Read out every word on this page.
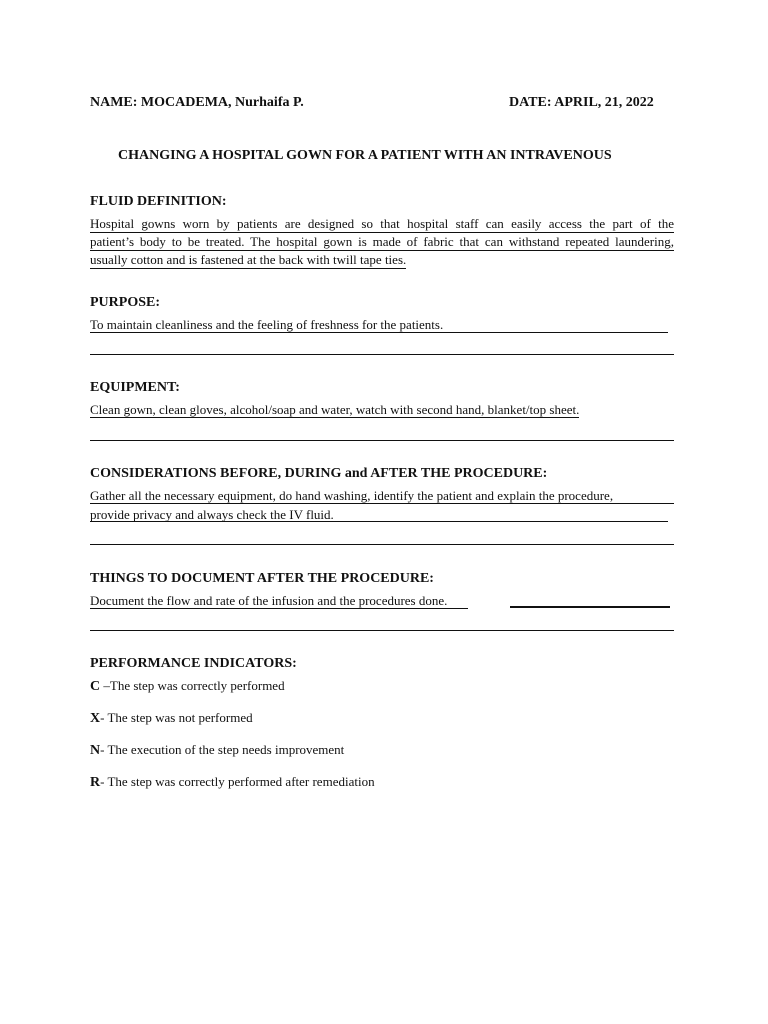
NAME: MOCADEMA, Nurhaifa P.	DATE: APRIL, 21, 2022
CHANGING A HOSPITAL GOWN FOR A PATIENT WITH AN INTRAVENOUS
FLUID DEFINITION:
Hospital gowns worn by patients are designed so that hospital staff can easily access the part of the
patient’s body to be treated. The hospital gown is made of fabric that can withstand repeated laundering,
usually cotton and is fastened at the back with twill tape ties.
PURPOSE:
To maintain cleanliness and the feeling of freshness for the patients.
EQUIPMENT:
Clean gown, clean gloves, alcohol/soap and water, watch with second hand, blanket/top sheet.
CONSIDERATIONS BEFORE, DURING and AFTER THE PROCEDURE:
Gather all the necessary equipment, do hand washing, identify the patient and explain the procedure,
provide privacy and always check the IV fluid.
THINGS TO DOCUMENT AFTER THE PROCEDURE:
Document the flow and rate of the infusion and the procedures done.
PERFORMANCE INDICATORS:
C –The step was correctly performed
X- The step was not performed
N- The execution of the step needs improvement
R- The step was correctly performed after remediation
